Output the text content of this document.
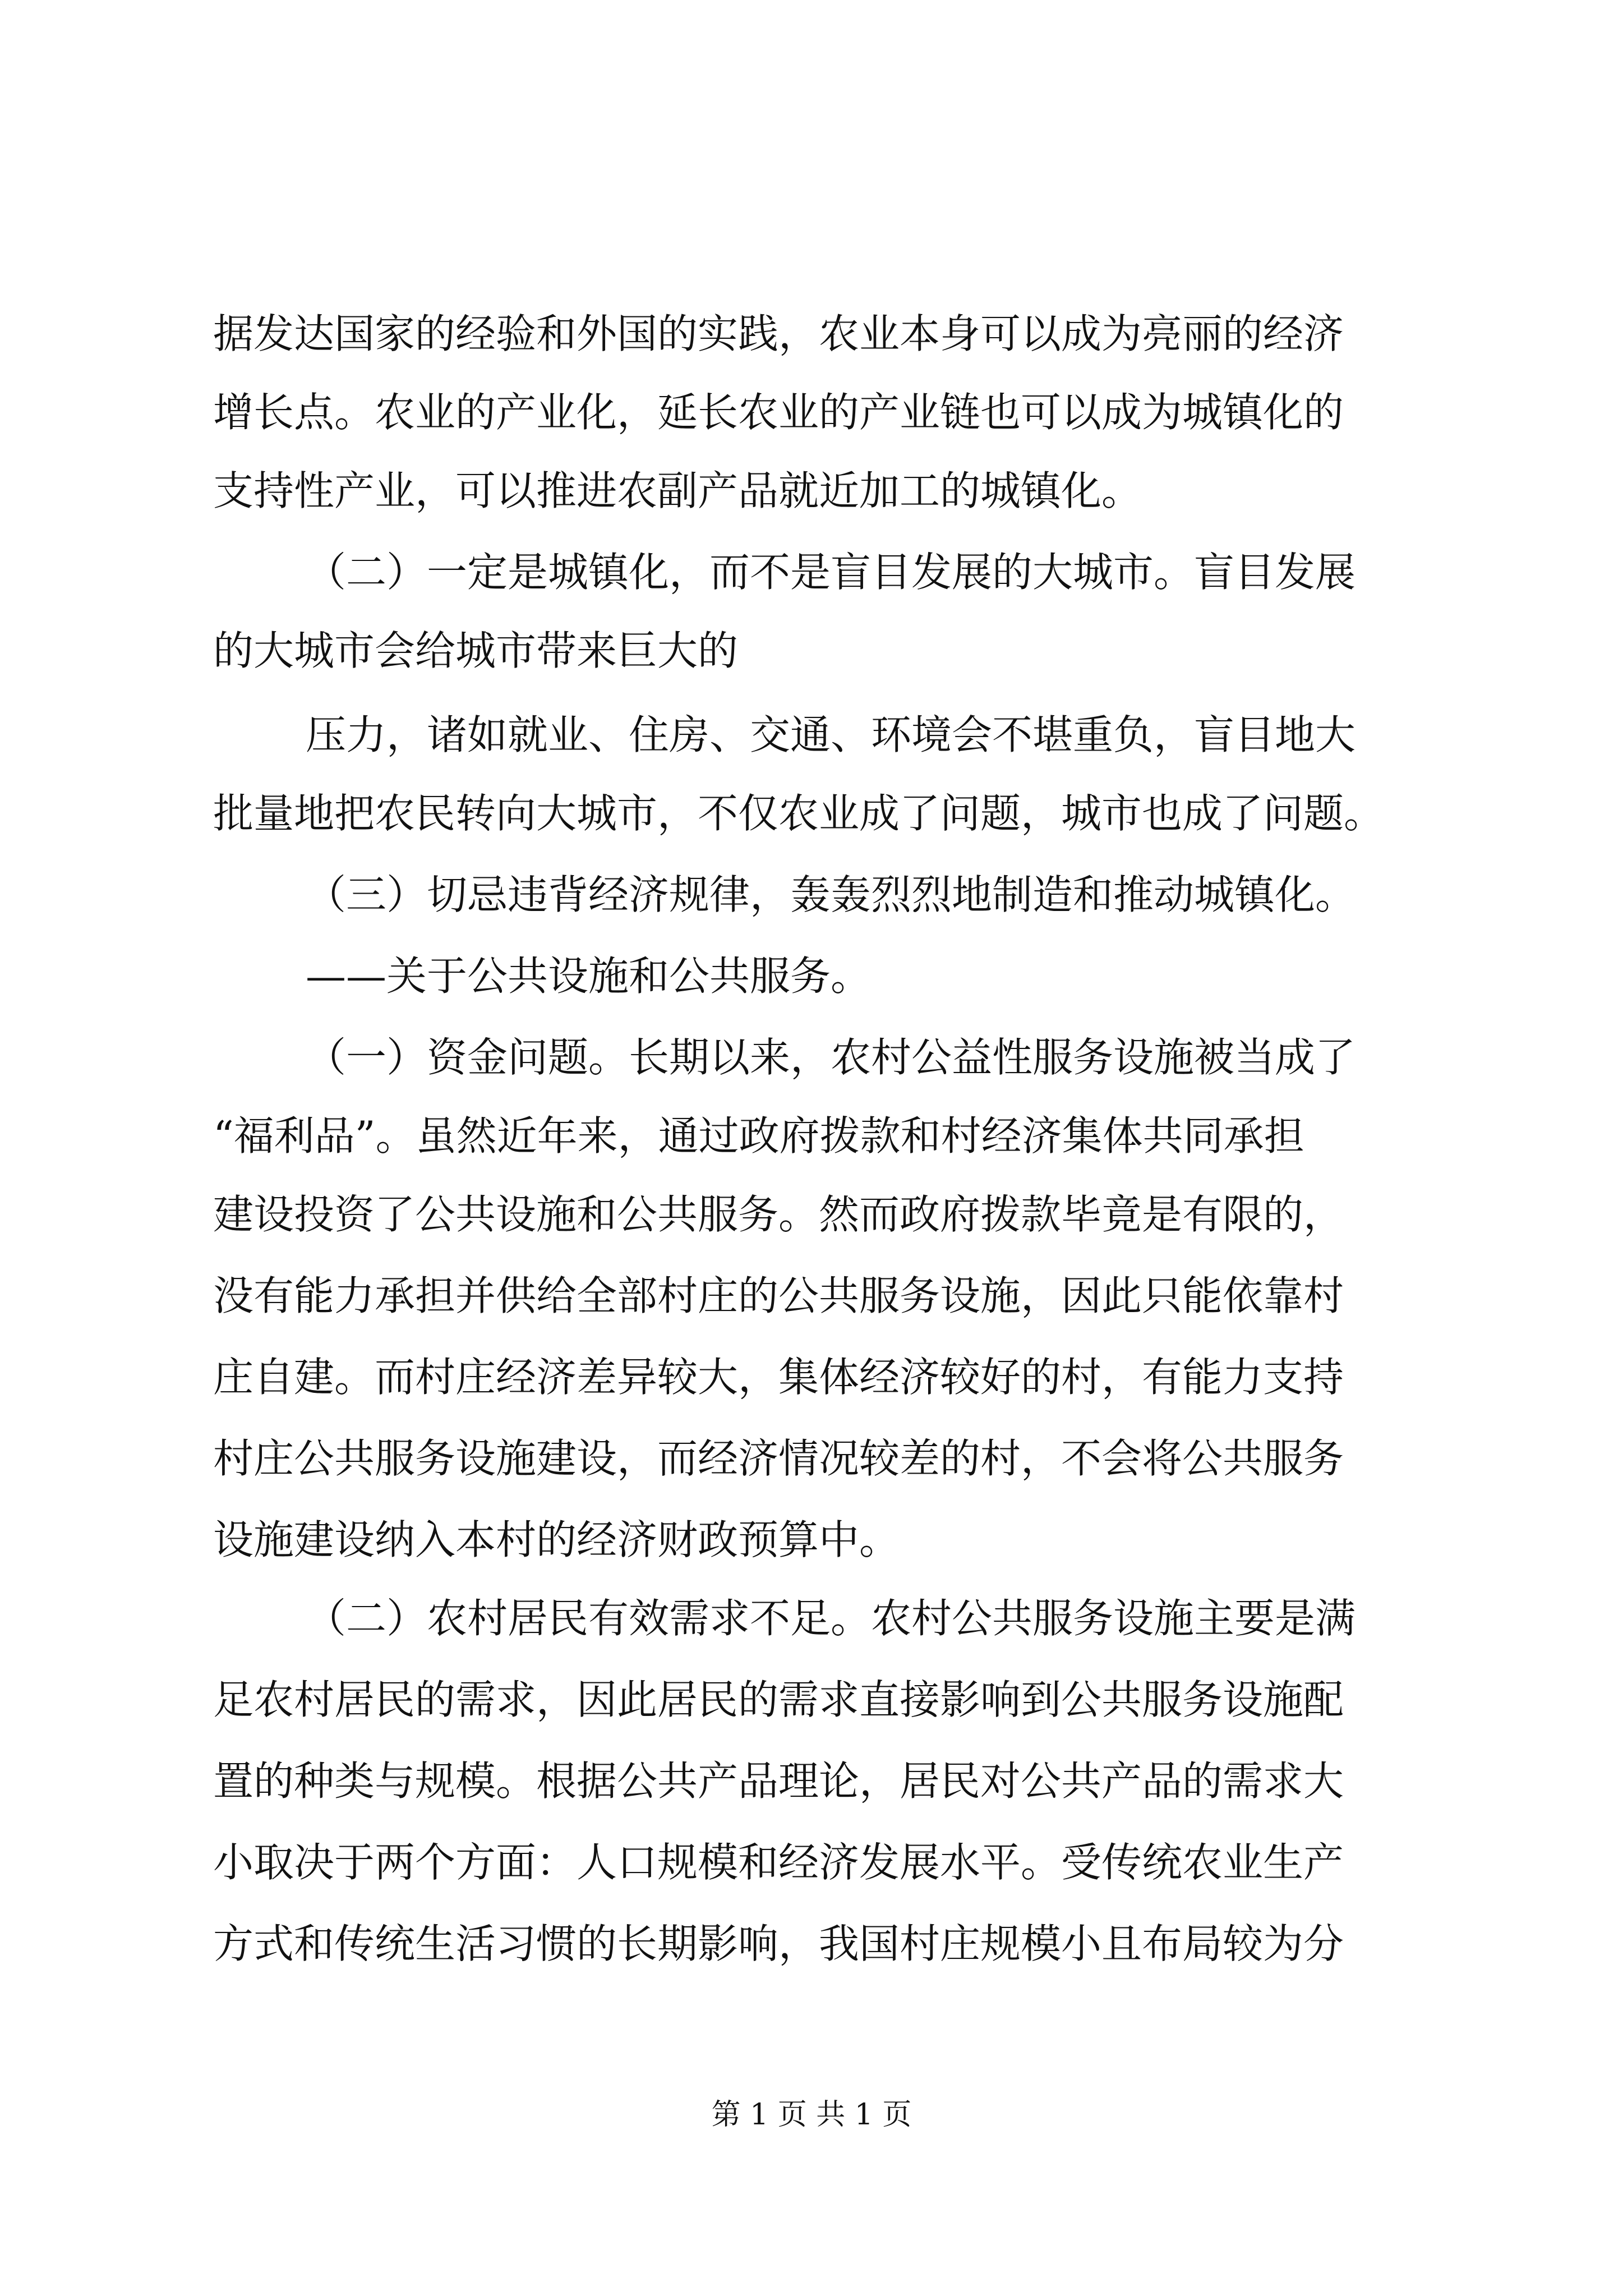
据发达国家的经验和外国的实践，农业本身可以成为亮丽的经济
增长点。农业的产业化，延长农业的产业链也可以成为城镇化的
支持性产业，可以推进农副产品就近加工的城镇化。
（二）一定是城镇化，而不是盲目发展的大城市。盲目发展
的大城市会给城市带来巨大的
压力，诸如就业、住房、交通、环境会不堪重负，盲目地大
批量地把农民转向大城市，不仅农业成了问题，城市也成了问题。
（三）切忌违背经济规律，轰轰烈烈地制造和推动城镇化。
——关于公共设施和公共服务。
（一）资金问题。长期以来，农村公益性服务设施被当成了
“福利品”。虽然近年来，通过政府拨款和村经济集体共同承担
建设投资了公共设施和公共服务。然而政府拨款毕竟是有限的，
没有能力承担并供给全部村庄的公共服务设施，因此只能依靠村
庄自建。而村庄经济差异较大，集体经济较好的村，有能力支持
村庄公共服务设施建设，而经济情况较差的村，不会将公共服务
设施建设纳入本村的经济财政预算中。
（二）农村居民有效需求不足。农村公共服务设施主要是满
足农村居民的需求，因此居民的需求直接影响到公共服务设施配
置的种类与规模。根据公共产品理论，居民对公共产品的需求大
小取决于两个方面：人口规模和经济发展水平。受传统农业生产
方式和传统生活习惯的长期影响，我国村庄规模小且布局较为分
第 1 页 共 1 页
